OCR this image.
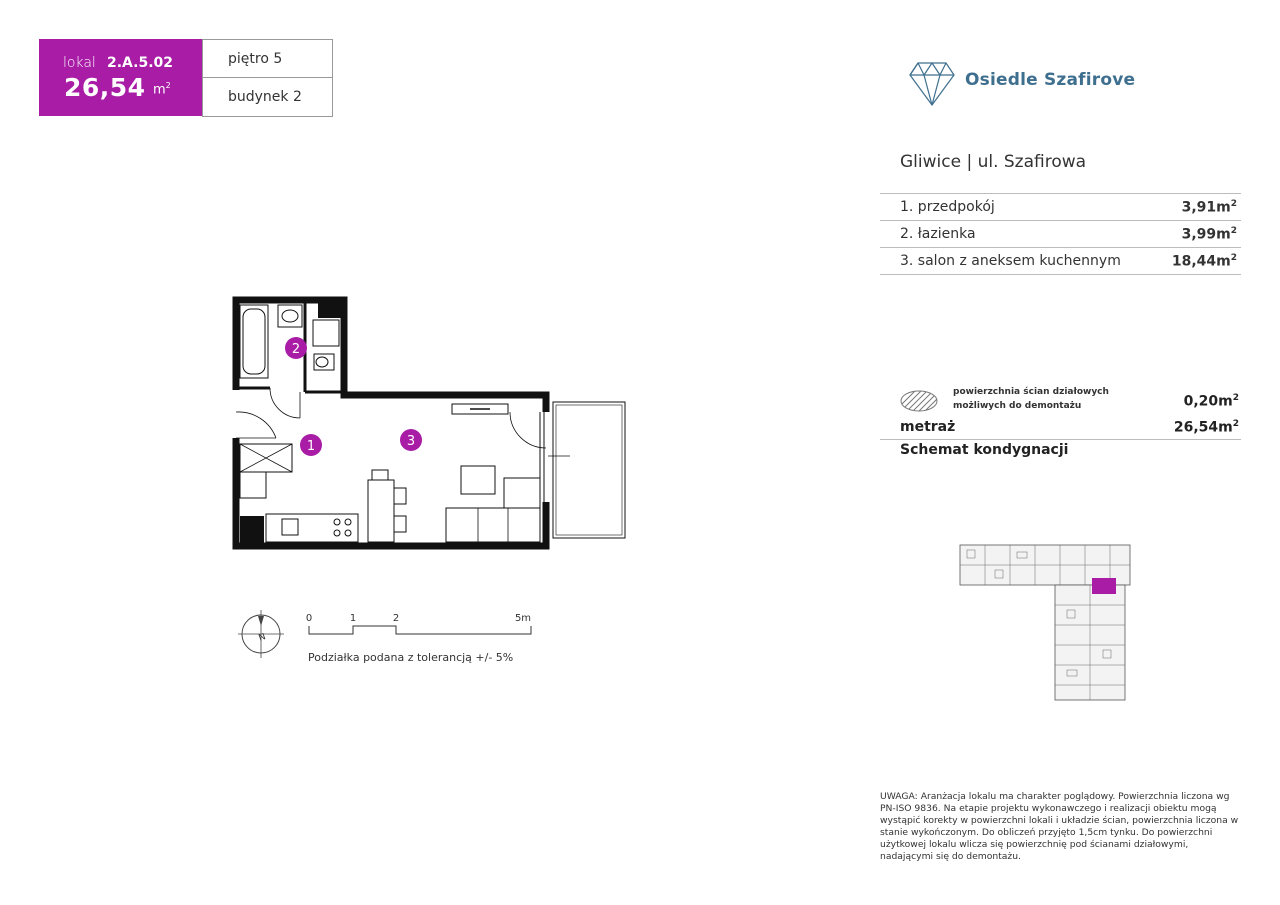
lokal 2.A.5.02
26,54 $m^2$
piętro 5
budynek 2
Osiedle Szafirove
Gliwice | ul. Szafirowa
1. przedpokój	$3,91m^2$
2. łazienka	$3,99m^2$
3. salon z aneksem kuchennym	$18,44m^2$
powierzchnia ścian działowych możliwych do demontażu	$0,20m^2$
metraż	$26,54m^2$
Schemat kondygnacji
2
1	3
N
0	1	2	5m
Podziałka podana z tolerancją +/- 5%
UWAGA: Aranżacja lokalu ma charakter poglądowy. Powierzchnia liczona wg PN-ISO 9836. Na etapie projektu wykonawczego i realizacji obiektu mogą wystąpić korekty w powierzchni lokali i układzie ścian, powierzchnia liczona w stanie wykończonym. Do obliczeń przyjęto 1,5cm tynku. Do powierzchni użytkowej lokalu wlicza się powierzchnię pod ścianami działowymi, nadającymi się do demontażu.
